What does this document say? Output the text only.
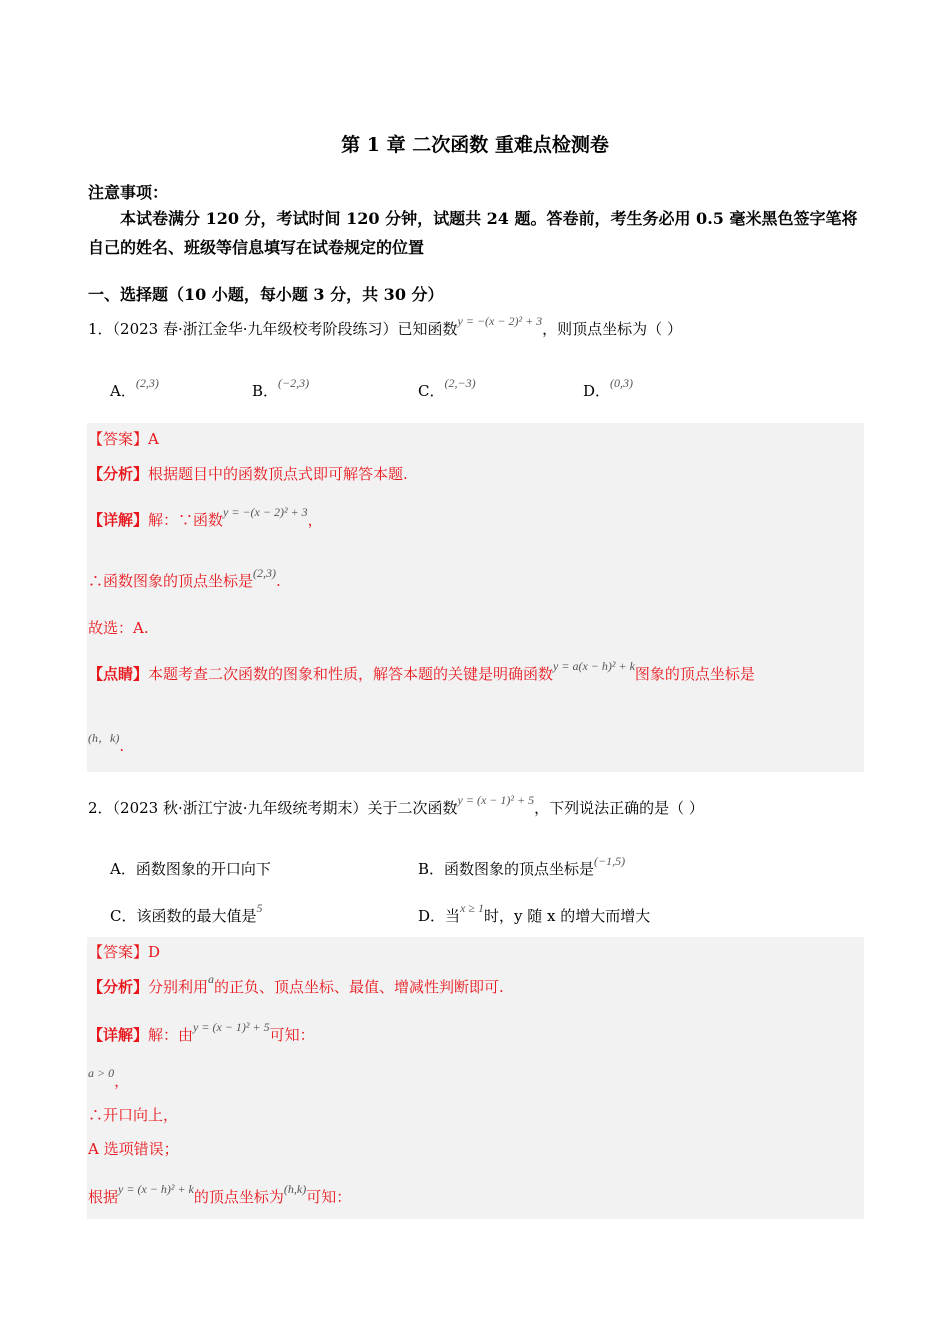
第 1 章 二次函数 重难点检测卷
注意事项：
本试卷满分 120 分，考试时间 120 分钟，试题共 24 题。答卷前，考生务必用 0.5 毫米黑色签字笔将自己的姓名、班级等信息填写在试卷规定的位置
一、选择题（10 小题，每小题 3 分，共 30 分）
1．（2023 春·浙江金华·九年级校考阶段练习）已知函数$^{y = -(x - 2)^2 + 3}$，则顶点坐标为（ ）
A．$^{(2,3)}$	B．$^{(-2,3)}$	C．$^{(2,-3)}$	D．$^{(0,3)}$
【答案】A
【分析】根据题目中的函数顶点式即可解答本题.
【详解】解：∵函数$^{y = -(x - 2)^2 + 3}$，
∴函数图象的顶点坐标是$^{(2,3)}$.
故选：A.
【点睛】本题考查二次函数的图象和性质，解答本题的关键是明确函数$^{y = a(x - h)^2 + k}$图象的顶点坐标是
$^{(h,k)}$.
2．（2023 秋·浙江宁波·九年级统考期末）关于二次函数$^{y = (x - 1)^2 + 5}$，下列说法正确的是（ ）
A．函数图象的开口向下	B．函数图象的顶点坐标是$^{(-1,5)}$
C．该函数的最大值是$^5$	D．当$^{x \ge 1}$时，y 随 x 的增大而增大
【答案】D
【分析】分别利用$^a$的正负、顶点坐标、最值、增减性判断即可.
【详解】解：由$^{y = (x - 1)^2 + 5}$可知：
$^{a > 0}$，
∴开口向上，
A 选项错误；
根据$^{y = (x - h)^2 + k}$的顶点坐标为$^{(h,k)}$可知：
